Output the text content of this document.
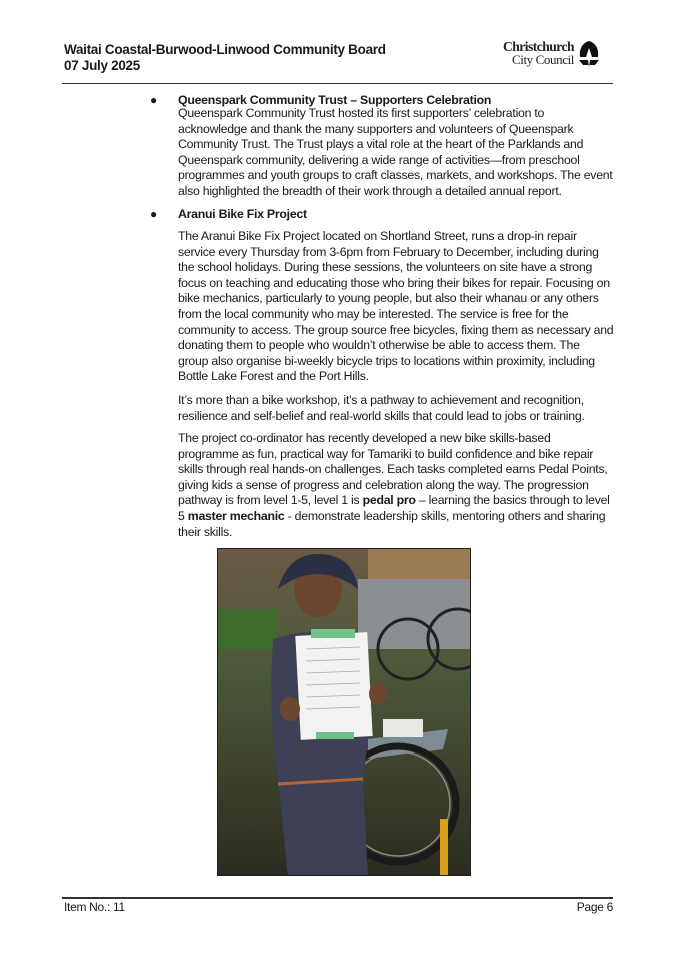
Waitai Coastal-Burwood-Linwood Community Board
07 July 2025
Christchurch
City Council
● Queenspark Community Trust – Supporters Celebration
Queenspark Community Trust hosted its first supporters’ celebration to
acknowledge and thank the many supporters and volunteers of Queenspark
Community Trust. The Trust plays a vital role at the heart of the Parklands and
Queenspark community, delivering a wide range of activities—from preschool
programmes and youth groups to craft classes, markets, and workshops. The event
also highlighted the breadth of their work through a detailed annual report.
● Aranui Bike Fix Project
The Aranui Bike Fix Project located on Shortland Street, runs a drop-in repair
service every Thursday from 3-6pm from February to December, including during
the school holidays. During these sessions, the volunteers on site have a strong
focus on teaching and educating those who bring their bikes for repair. Focusing on
bike mechanics, particularly to young people, but also their whanau or any others
from the local community who may be interested. The service is free for the
community to access. The group source free bicycles, fixing them as necessary and
donating them to people who wouldn’t otherwise be able to access them. The
group also organise bi-weekly bicycle trips to locations within proximity, including
Bottle Lake Forest and the Port Hills.
It’s more than a bike workshop, it’s a pathway to achievement and recognition,
resilience and self-belief and real-world skills that could lead to jobs or training.
The project co-ordinator has recently developed a new bike skills-based
programme as fun, practical way for Tamariki to build confidence and bike repair
skills through real hands-on challenges. Each tasks completed earns Pedal Points,
giving kids a sense of progress and celebration along the way. The progression
pathway is from level 1-5, level 1 is pedal pro – learning the basics through to level
5 master mechanic - demonstrate leadership skills, mentoring others and sharing
their skills.
Item No.: 11	Page 6
